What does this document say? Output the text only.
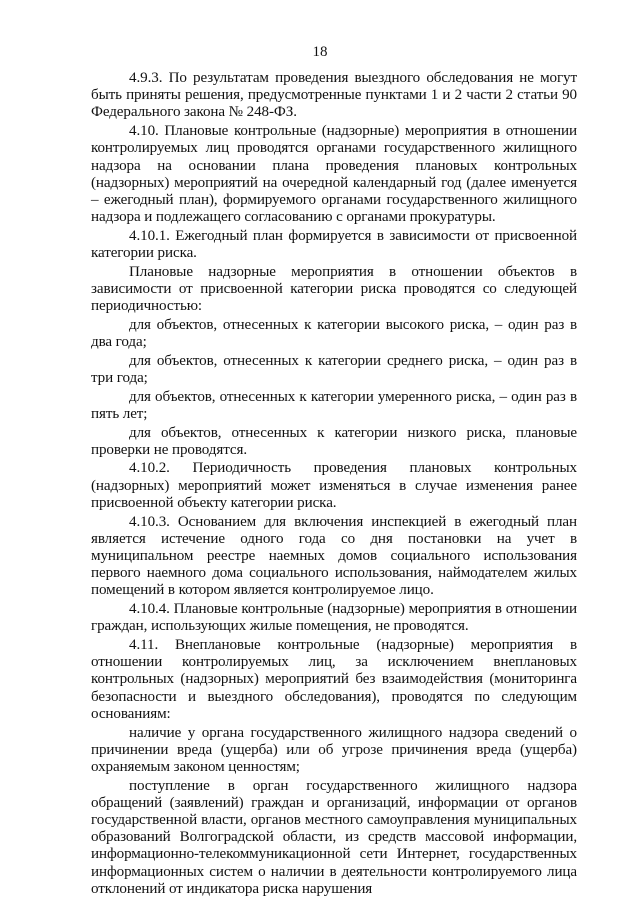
18

4.9.3. По результатам проведения выездного обследования не могут быть приняты решения, предусмотренные пунктами 1 и 2 части 2 статьи 90 Федерального закона № 248-ФЗ.

4.10. Плановые контрольные (надзорные) мероприятия в отношении контролируемых лиц проводятся органами государственного жилищного надзора на основании плана проведения плановых контрольных (надзорных) мероприятий на очередной календарный год (далее именуется – ежегодный план), формируемого органами государственного жилищного надзора и подлежащего согласованию с органами прокуратуры.

4.10.1. Ежегодный план формируется в зависимости от присвоенной категории риска.

Плановые надзорные мероприятия в отношении объектов в зависимости от присвоенной категории риска проводятся со следующей периодичностью:

для объектов, отнесенных к категории высокого риска, – один раз в два года;

для объектов, отнесенных к категории среднего риска, – один раз в три года;

для объектов, отнесенных к категории умеренного риска, – один раз в пять лет;

для объектов, отнесенных к категории низкого риска, плановые проверки не проводятся.

4.10.2. Периодичность проведения плановых контрольных (надзорных) мероприятий может изменяться в случае изменения ранее присвоенной объекту категории риска.

4.10.3. Основанием для включения инспекцией в ежегодный план является истечение одного года со дня постановки на учет в муниципальном реестре наемных домов социального использования первого наемного дома социального использования, наймодателем жилых помещений в котором является контролируемое лицо.

4.10.4. Плановые контрольные (надзорные) мероприятия в отношении граждан, использующих жилые помещения, не проводятся.

4.11. Внеплановые контрольные (надзорные) мероприятия в отношении контролируемых лиц, за исключением внеплановых контрольных (надзорных) мероприятий без взаимодействия (мониторинга безопасности и выездного обследования), проводятся по следующим основаниям:

наличие у органа государственного жилищного надзора сведений о причинении вреда (ущерба) или об угрозе причинения вреда (ущерба) охраняемым законом ценностям;

поступление в орган государственного жилищного надзора обращений (заявлений) граждан и организаций, информации от органов государственной власти, органов местного самоуправления муниципальных образований Волгоградской области, из средств массовой информации, информационно-телекоммуникационной сети Интернет, государственных информационных систем о наличии в деятельности контролируемого лица отклонений от индикатора риска нарушения
